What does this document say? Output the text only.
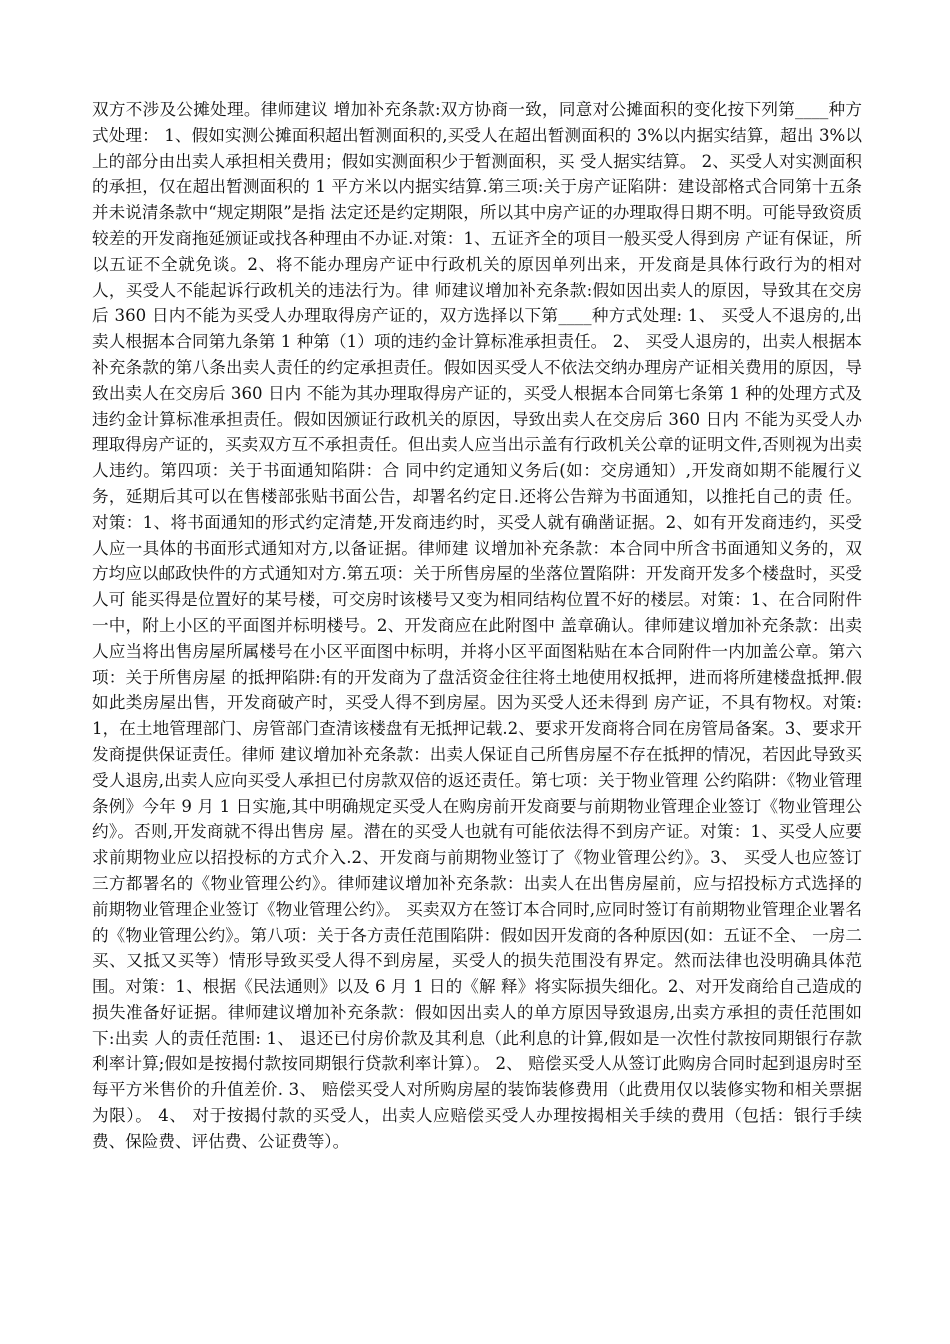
双方不涉及公摊处理。律师建议 增加补充条款:双方协商一致，同意对公摊面积的变化按下列第____种方式处理： 1、假如实测公摊面积超出暂测面积的,买受人在超出暂测面积的 3%以内据实结算，超出 3%以上的部分由出卖人承担相关费用；假如实测面积少于暂测面积，买 受人据实结算。 2、买受人对实测面积的承担，仅在超出暂测面积的 1 平方米以内据实结算.第三项:关于房产证陷阱：建设部格式合同第十五条并未说清条款中“规定期限”是指 法定还是约定期限，所以其中房产证的办理取得日期不明。可能导致资质较差的开发商拖延颁证或找各种理由不办证.对策：1、五证齐全的项目一般买受人得到房 产证有保证，所以五证不全就免谈。2、将不能办理房产证中行政机关的原因单列出来，开发商是具体行政行为的相对人，买受人不能起诉行政机关的违法行为。律 师建议增加补充条款:假如因出卖人的原因，导致其在交房后 360 日内不能为买受人办理取得房产证的，双方选择以下第____种方式处理: 1、 买受人不退房的,出卖人根据本合同第九条第 1 种第（1）项的违约金计算标准承担责任。 2、 买受人退房的，出卖人根据本补充条款的第八条出卖人责任的约定承担责任。假如因买受人不依法交纳办理房产证相关费用的原因，导致出卖人在交房后 360 日内 不能为其办理取得房产证的，买受人根据本合同第七条第 1 种的处理方式及违约金计算标准承担责任。假如因颁证行政机关的原因，导致出卖人在交房后 360 日内 不能为买受人办理取得房产证的，买卖双方互不承担责任。但出卖人应当出示盖有行政机关公章的证明文件,否则视为出卖人违约。第四项：关于书面通知陷阱：合 同中约定通知义务后(如：交房通知）,开发商如期不能履行义务，延期后其可以在售楼部张贴书面公告，却署名约定日.还将公告辩为书面通知，以推托自己的责 任。对策：1、将书面通知的形式约定清楚,开发商违约时，买受人就有确凿证据。2、如有开发商违约，买受人应一具体的书面形式通知对方,以备证据。律师建 议增加补充条款：本合同中所含书面通知义务的，双方均应以邮政快件的方式通知对方.第五项：关于所售房屋的坐落位置陷阱：开发商开发多个楼盘时，买受人可 能买得是位置好的某号楼，可交房时该楼号又变为相同结构位置不好的楼层。对策：1、在合同附件一中，附上小区的平面图并标明楼号。2、开发商应在此附图中 盖章确认。律师建议增加补充条款：出卖人应当将出售房屋所属楼号在小区平面图中标明，并将小区平面图粘贴在本合同附件一内加盖公章。第六项：关于所售房屋 的抵押陷阱:有的开发商为了盘活资金往往将土地使用权抵押，进而将所建楼盘抵押.假如此类房屋出售，开发商破产时，买受人得不到房屋。因为买受人还未得到 房产证，不具有物权。对策:1，在土地管理部门、房管部门查清该楼盘有无抵押记载.2、要求开发商将合同在房管局备案。3、要求开发商提供保证责任。律师 建议增加补充条款：出卖人保证自己所售房屋不存在抵押的情况，若因此导致买受人退房,出卖人应向买受人承担已付房款双倍的返还责任。第七项：关于物业管理 公约陷阱：《物业管理条例》今年 9 月 1 日实施,其中明确规定买受人在购房前开发商要与前期物业管理企业签订《物业管理公约》。否则,开发商就不得出售房 屋。潜在的买受人也就有可能依法得不到房产证。对策：1、买受人应要求前期物业应以招投标的方式介入.2、开发商与前期物业签订了《物业管理公约》。3、 买受人也应签订三方都署名的《物业管理公约》。律师建议增加补充条款：出卖人在出售房屋前，应与招投标方式选择的前期物业管理企业签订《物业管理公约》。 买卖双方在签订本合同时,应同时签订有前期物业管理企业署名的《物业管理公约》。第八项：关于各方责任范围陷阱：假如因开发商的各种原因(如：五证不全、 一房二买、又抵又买等）情形导致买受人得不到房屋，买受人的损失范围没有界定。然而法律也没明确具体范围。对策：1、根据《民法通则》以及 6 月 1 日的《解 释》将实际损失细化。2、对开发商给自己造成的损失准备好证据。律师建议增加补充条款：假如因出卖人的单方原因导致退房,出卖方承担的责任范围如下:出卖 人的责任范围: 1、 退还已付房价款及其利息（此利息的计算,假如是一次性付款按同期银行存款利率计算;假如是按揭付款按同期银行贷款利率计算）。 2、 赔偿买受人从签订此购房合同时起到退房时至每平方米售价的升值差价. 3、 赔偿买受人对所购房屋的装饰装修费用（此费用仅以装修实物和相关票据为限）。 4、 对于按揭付款的买受人，出卖人应赔偿买受人办理按揭相关手续的费用（包括：银行手续费、保险费、评估费、公证费等）。
